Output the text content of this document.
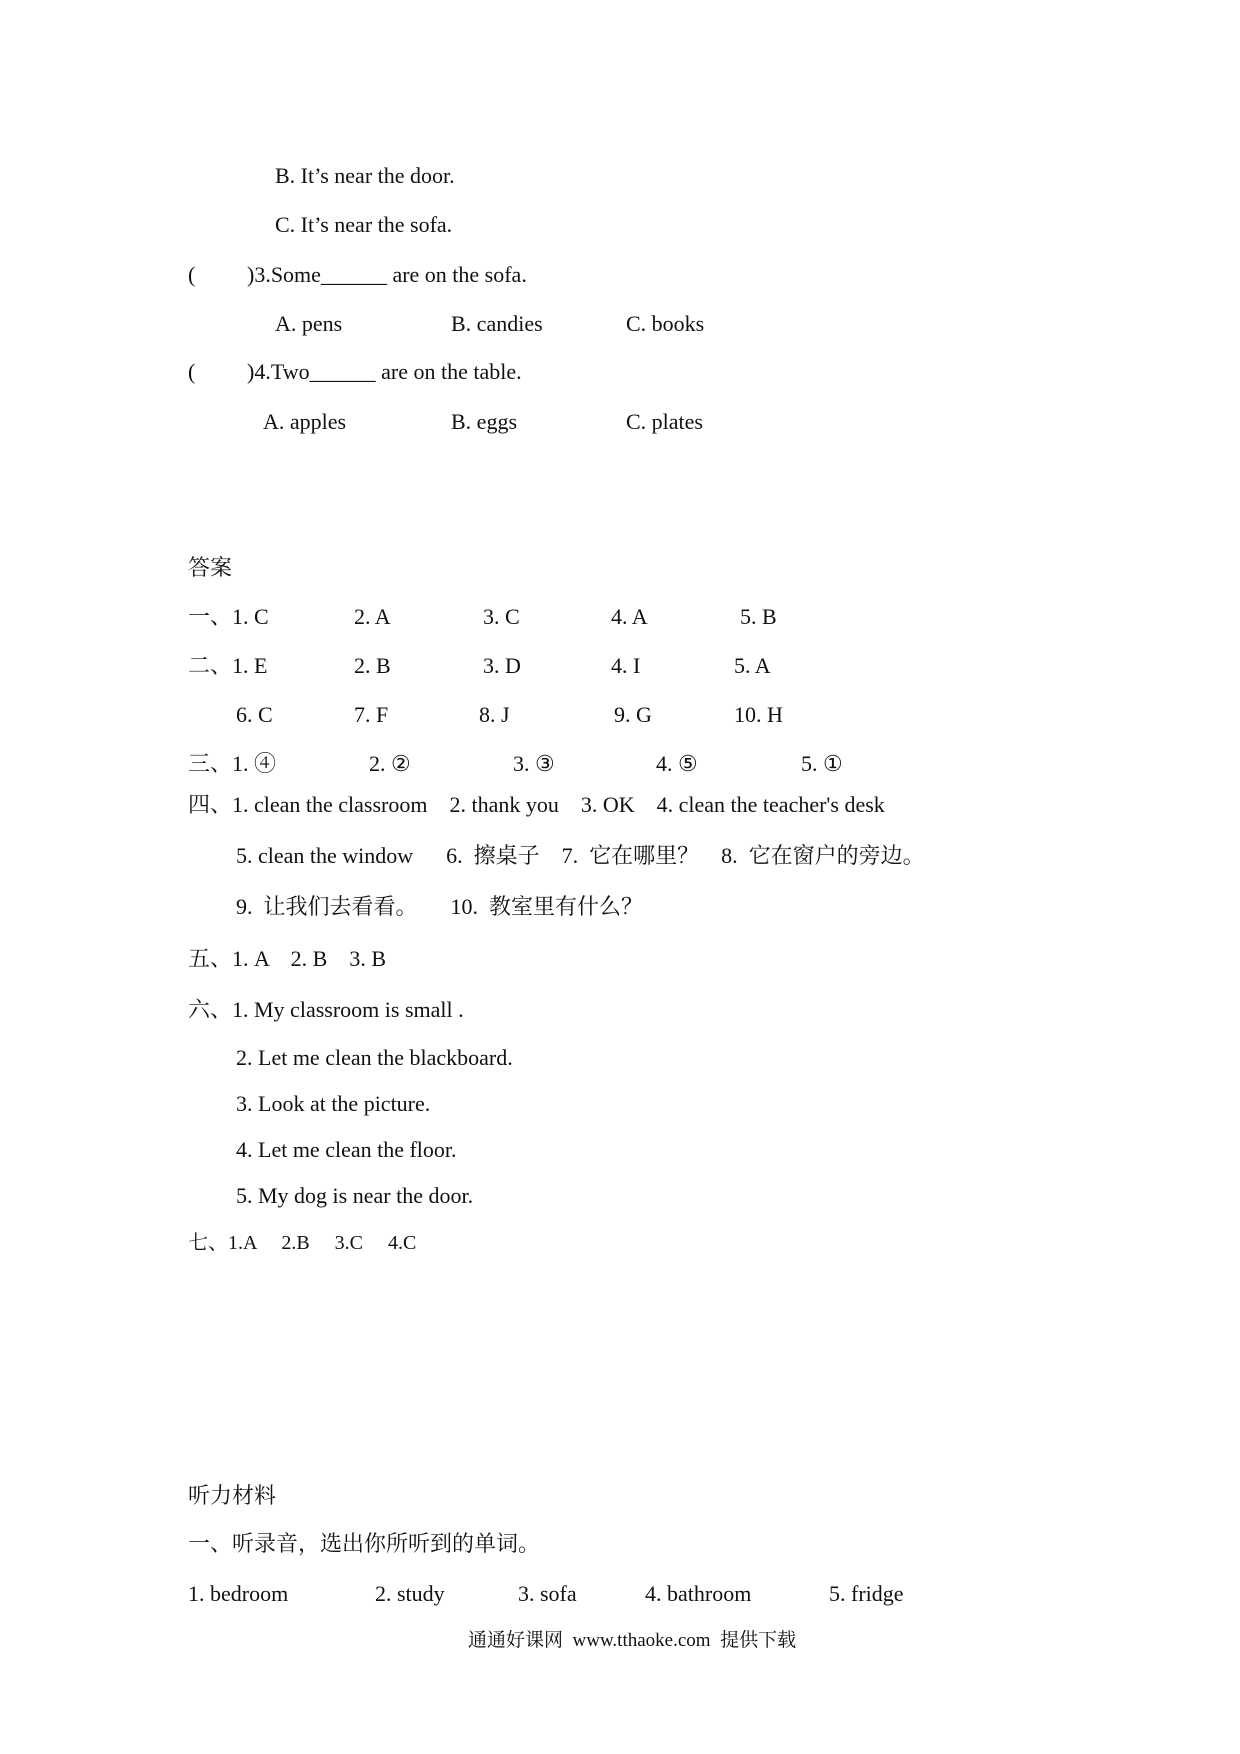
B. It’s near the door.
C. It’s near the sofa.
( )3.Some______ are on the sofa.
A. pens	B. candies	C. books
( )4.Two______ are on the table.
A. apples	B. eggs	C. plates
答案
一、1. C	2. A	3. C	4. A	5. B
二、1. E	2. B	3. D	4. I	5. A
6. C	7. F	8. J	9. G	10. H
三、1. ④	2. ②	3. ③	4. ⑤	5. ①
四、1. clean the classroom    2. thank you    3. OK    4. clean the teacher's desk
5. clean the window      6.  擦桌子    7.  它在哪里？    8.  它在窗户的旁边。
9.  让我们去看看。      10.  教室里有什么？
五、1. A    2. B    3. B
六、1. My classroom is small .
2. Let me clean the blackboard.
3. Look at the picture.
4. Let me clean the floor.
5. My dog is near the door.
七、1.A     2.B     3.C     4.C
听力材料
一、听录音，选出你所听到的单词。
1. bedroom	2. study	3. sofa	4. bathroom	5. fridge
通通好课网  www.tthaoke.com  提供下载
